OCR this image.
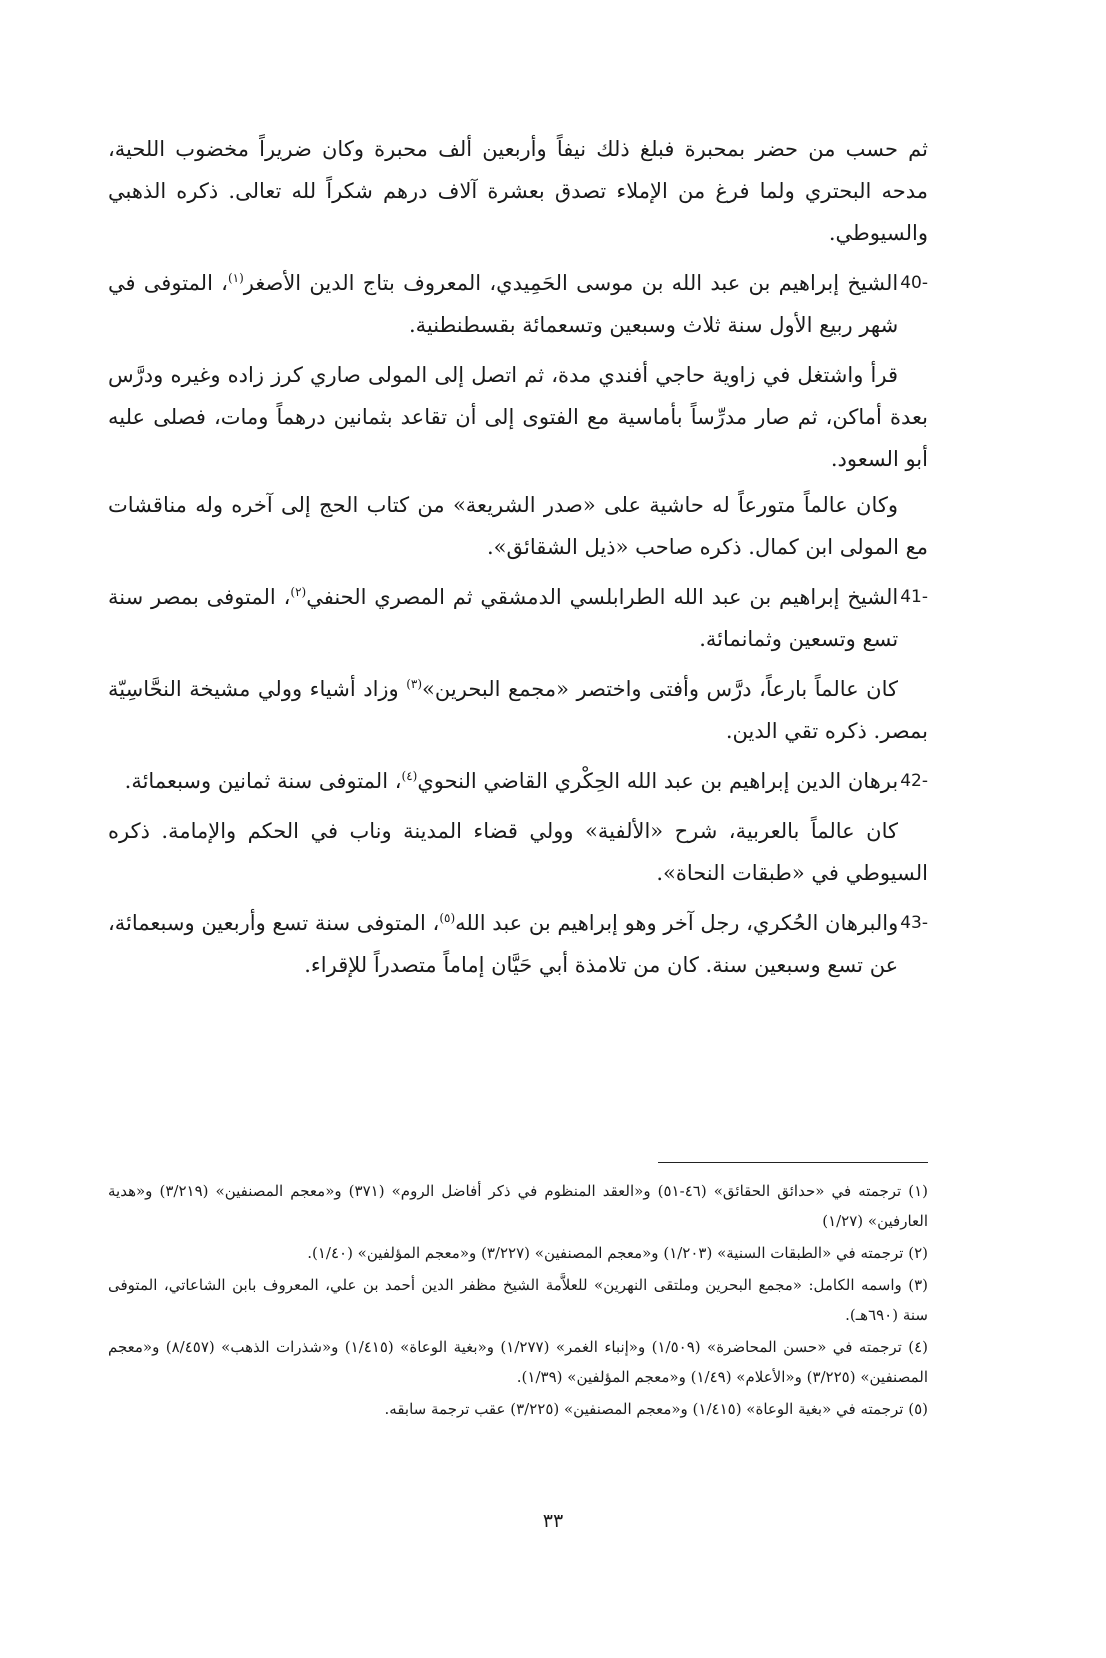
ثم حسب من حضر بمحبرة فبلغ ذلك نيفاً وأربعين ألف محبرة وكان ضريراً مخضوب اللحية، مدحه البحتري ولما فرغ من الإملاء تصدق بعشرة آلاف درهم شكراً لله تعالى. ذكره الذهبي والسيوطي.

40-
الشيخ إبراهيم بن عبد الله بن موسى الحَمِيدي، المعروف بتاج الدين الأصغر$^{(١)}$، المتوفى في شهر ربيع الأول سنة ثلاث وسبعين وتسعمائة بقسطنطنية.

قرأ واشتغل في زاوية حاجي أفندي مدة، ثم اتصل إلى المولى صاري كرز زاده وغيره ودرَّس بعدة أماكن، ثم صار مدرِّساً بأماسية مع الفتوى إلى أن تقاعد بثمانين درهماً ومات، فصلى عليه أبو السعود.

وكان عالماً متورعاً له حاشية على «صدر الشريعة» من كتاب الحج إلى آخره وله مناقشات مع المولى ابن كمال. ذكره صاحب «ذيل الشقائق».

41-
الشيخ إبراهيم بن عبد الله الطرابلسي الدمشقي ثم المصري الحنفي$^{(٢)}$، المتوفى بمصر سنة تسع وتسعين وثمانمائة.

كان عالماً بارعاً، درَّس وأفتى واختصر «مجمع البحرين»$^{(٣)}$ وزاد أشياء وولي مشيخة النحَّاسِيّة بمصر. ذكره تقي الدين.

42-
برهان الدين إبراهيم بن عبد الله الحِكْري القاضي النحوي$^{(٤)}$، المتوفى سنة ثمانين وسبعمائة.

كان عالماً بالعربية، شرح «الألفية» وولي قضاء المدينة وناب في الحكم والإمامة. ذكره السيوطي في «طبقات النحاة».

43-
والبرهان الحُكري، رجل آخر وهو إبراهيم بن عبد الله$^{(٥)}$، المتوفى سنة تسع وأربعين وسبعمائة، عن تسع وسبعين سنة. كان من تلامذة أبي حَيَّان إماماً متصدراً للإقراء.

(١) ترجمته في «حدائق الحقائق» (٤٦-٥١) و«العقد المنظوم في ذكر أفاضل الروم» (٣٧١) و«معجم المصنفين» (٣/٢١٩) و«هدية العارفين» (١/٢٧)

(٢) ترجمته في «الطبقات السنية» (١/٢٠٣) و«معجم المصنفين» (٣/٢٢٧) و«معجم المؤلفين» (١/٤٠).

(٣) واسمه الكامل: «مجمع البحرين وملتقى النهرين» للعلاَّمة الشيخ مظفر الدين أحمد بن علي، المعروف بابن الشاعاتي، المتوفى سنة (٦٩٠هـ).

(٤) ترجمته في «حسن المحاضرة» (١/٥٠٩) و«إنباء الغمر» (١/٢٧٧) و«بغية الوعاة» (١/٤١٥) و«شذرات الذهب» (٨/٤٥٧) و«معجم المصنفين» (٣/٢٢٥) و«الأعلام» (١/٤٩) و«معجم المؤلفين» (١/٣٩).

(٥) ترجمته في «بغية الوعاة» (١/٤١٥) و«معجم المصنفين» (٣/٢٢٥) عقب ترجمة سابقه.

٣٣
